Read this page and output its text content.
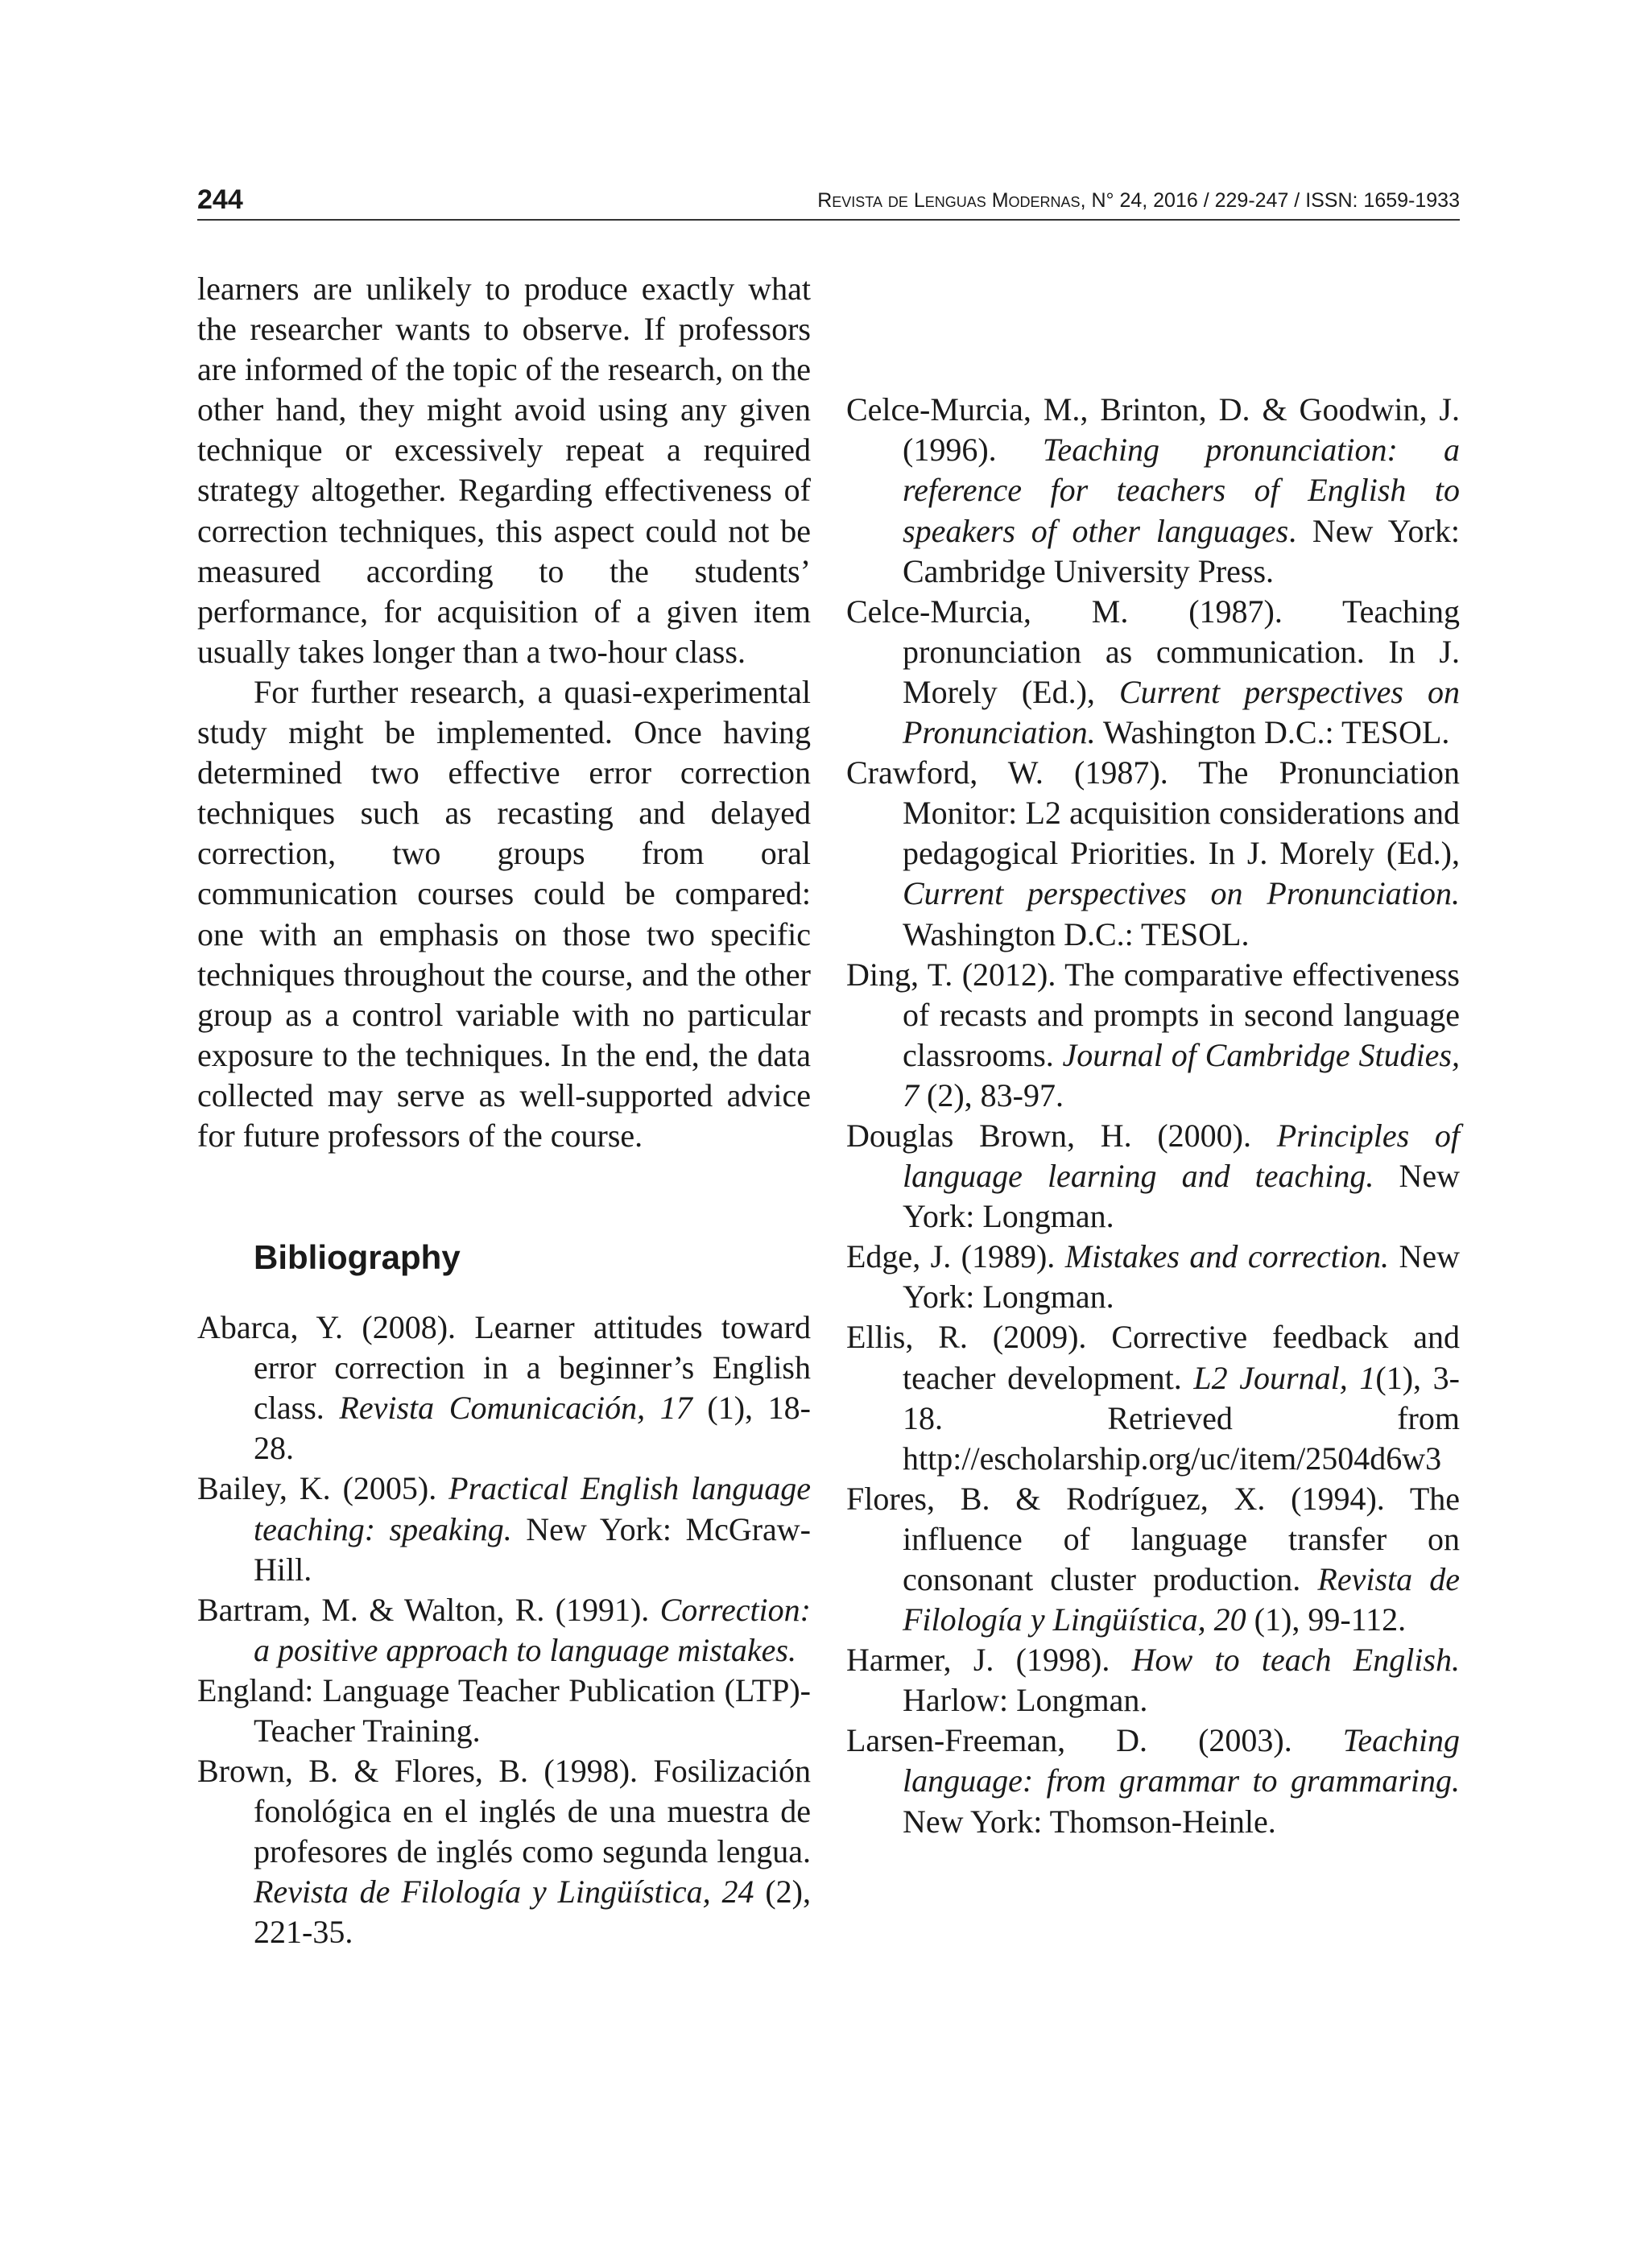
244	Revista de Lenguas Modernas, N° 24, 2016 / 229-247 / ISSN: 1659-1933

learners are unlikely to produce exactly what the researcher wants to observe. If professors are informed of the topic of the research, on the other hand, they might avoid using any given technique or excessively repeat a required strategy altogether. Regarding effectiveness of correction techniques, this aspect could not be measured according to the students’ performance, for acquisition of a given item usually takes longer than a two-hour class.

For further research, a quasi-experimental study might be implemented. Once having determined two effective error correction techniques such as recasting and delayed correction, two groups from oral communication courses could be compared: one with an emphasis on those two specific techniques throughout the course, and the other group as a control variable with no particular exposure to the techniques. In the end, the data collected may serve as well-supported advice for future professors of the course.

Bibliography

Abarca, Y. (2008). Learner attitudes toward error correction in a beginner’s English class. Revista Comunicación, 17 (1), 18-28.

Bailey, K. (2005). Practical English language teaching: speaking. New York: McGraw-Hill.

Bartram, M. & Walton, R. (1991). Correction: a positive approach to language mistakes.

England: Language Teacher Publication (LTP)-Teacher Training.

Brown, B. & Flores, B. (1998). Fosilización fonológica en el inglés de una muestra de profesores de inglés como segunda lengua. Revista de Filología y Lingüística, 24 (2), 221-35.

Celce-Murcia, M., Brinton, D. & Goodwin, J. (1996). Teaching pronunciation: a reference for teachers of English to speakers of other languages. New York: Cambridge University Press.

Celce-Murcia, M. (1987). Teaching pronunciation as communication. In J. Morely (Ed.), Current perspectives on Pronunciation. Washington D.C.: TESOL.

Crawford, W. (1987). The Pronunciation Monitor: L2 acquisition considerations and pedagogical Priorities. In J. Morely (Ed.), Current perspectives on Pronunciation. Washington D.C.: TESOL.

Ding, T. (2012). The comparative effectiveness of recasts and prompts in second language classrooms. Journal of Cambridge Studies, 7 (2), 83-97.

Douglas Brown, H. (2000). Principles of language learning and teaching. New York: Longman.

Edge, J. (1989). Mistakes and correction. New York: Longman.

Ellis, R. (2009). Corrective feedback and teacher development. L2 Journal, 1(1), 3-18. Retrieved from http://escholarship.org/uc/item/2504d6w3

Flores, B. & Rodríguez, X. (1994). The influence of language transfer on consonant cluster production. Revista de Filología y Lingüística, 20 (1), 99-112.

Harmer, J. (1998). How to teach English. Harlow: Longman.

Larsen-Freeman, D. (2003). Teaching language: from grammar to grammaring. New York: Thomson-Heinle.
